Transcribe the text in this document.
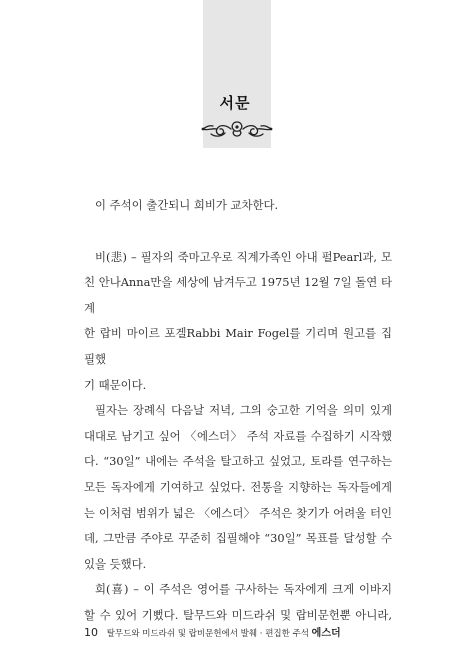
서문
이 주석이 출간되니 희비가 교차한다.
비(悲) – 필자의 죽마고우로 직계가족인 아내 펄Pearl과, 모
친 안나Anna만을 세상에 남겨두고 1975년 12월 7일 돌연 타계
한 랍비 마이르 포겔Rabbi Mair Fogel를 기리며 원고를 집필했
기 때문이다.
필자는 장례식 다음날 저녁, 그의 숭고한 기억을 의미 있게
대대로 남기고 싶어 〈에스더〉 주석 자료를 수집하기 시작했
다. “30일” 내에는 주석을 탈고하고 싶었고, 토라를 연구하는
모든 독자에게 기여하고 싶었다. 전통을 지향하는 독자들에게
는 이처럼 범위가 넓은 〈에스더〉 주석은 찾기가 어려울 터인
데, 그만큼 주야로 꾸준히 집필해야 “30일” 목표를 달성할 수
있을 듯했다.
희(喜) – 이 주석은 영어를 구사하는 독자에게 크게 이바지
할 수 있어 기뻤다. 탈무드와 미드라쉬 및 랍비문헌뿐 아니라,
10 탈무드와 미드라쉬 및 랍비문헌에서 발췌 · 편집한 주석 에스더
